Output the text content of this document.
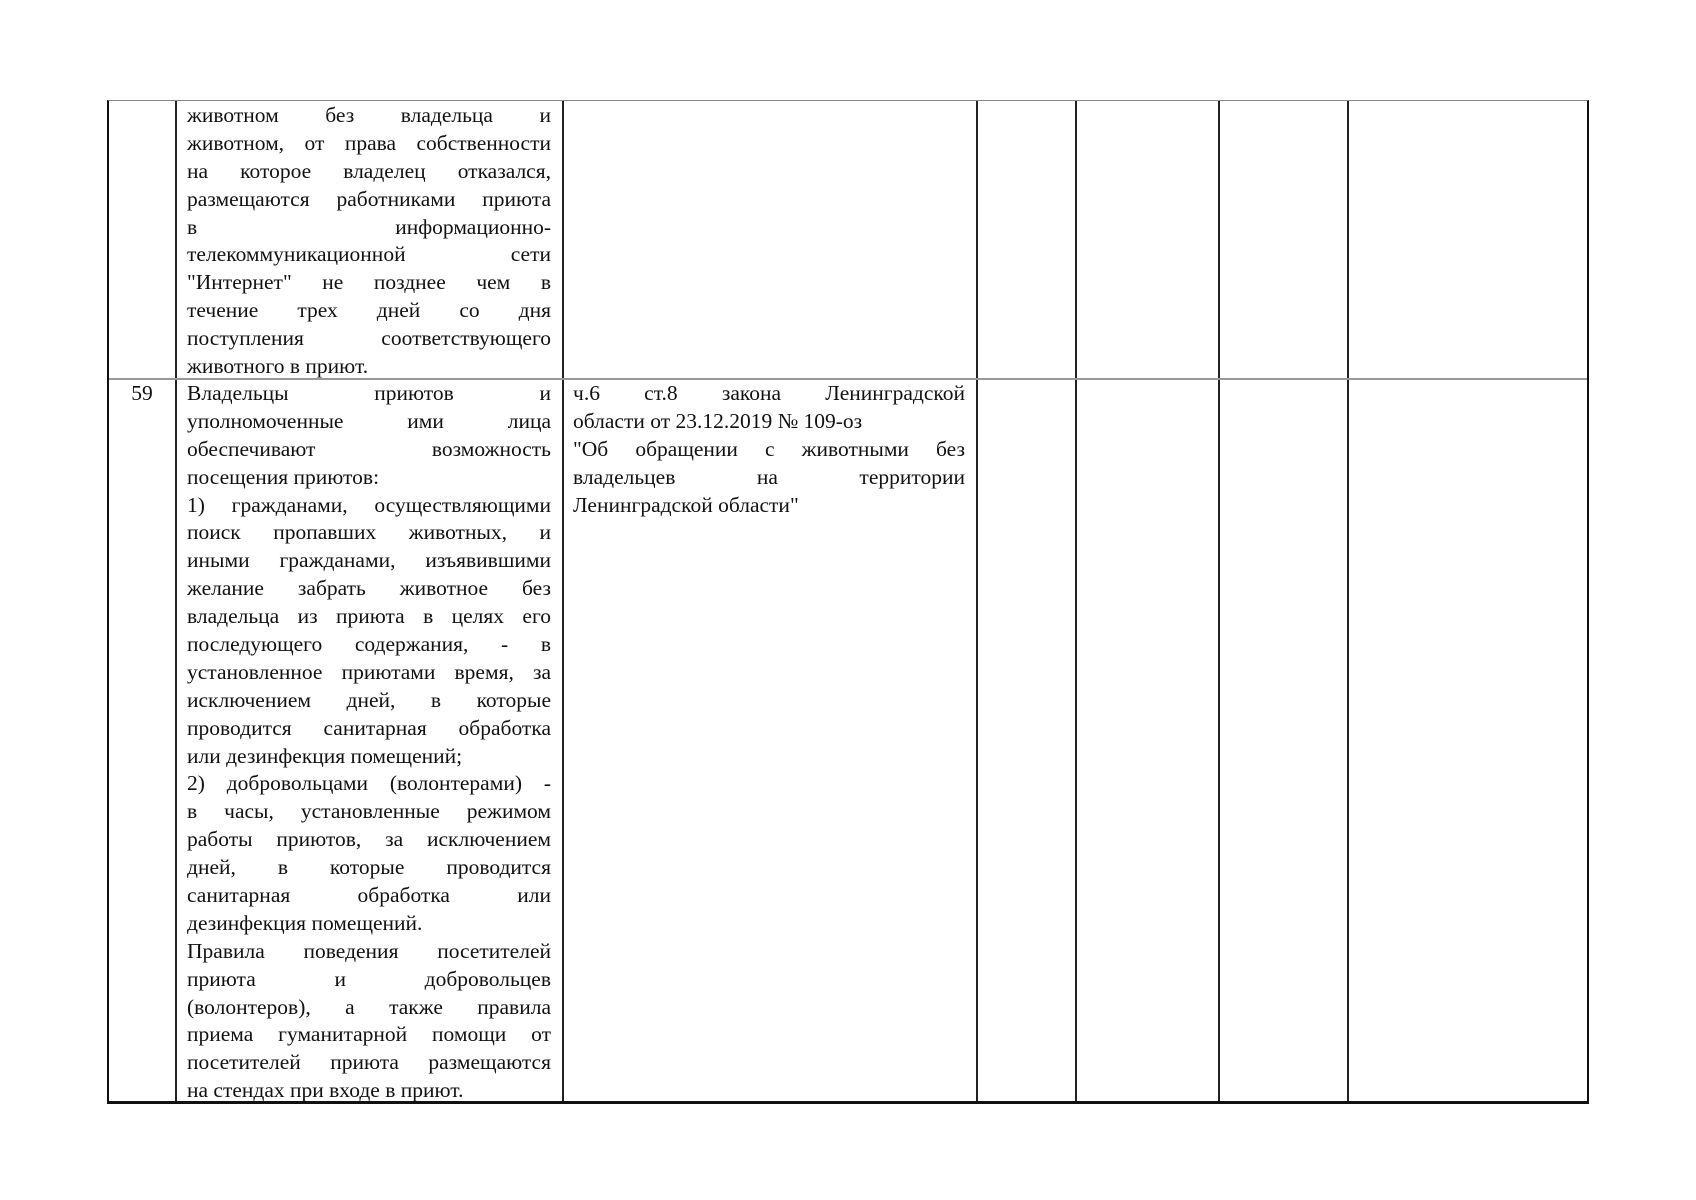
животном без владельца и
животном, от права собственности
на которое владелец отказался,
размещаются работниками приюта
в информационно-
телекоммуникационной сети
"Интернет" не позднее чем в
течение трех дней со дня
поступления соответствующего
животного в приют.
59	Владельцы приютов и
уполномоченные ими лица
обеспечивают возможность
посещения приютов:
1) гражданами, осуществляющими
поиск пропавших животных, и
иными гражданами, изъявившими
желание забрать животное без
владельца из приюта в целях его
последующего содержания, - в
установленное приютами время, за
исключением дней, в которые
проводится санитарная обработка
или дезинфекция помещений;
2) добровольцами (волонтерами) -
в часы, установленные режимом
работы приютов, за исключением
дней, в которые проводится
санитарная обработка или
дезинфекция помещений.
Правила поведения посетителей
приюта и добровольцев
(волонтеров), а также правила
приема гуманитарной помощи от
посетителей приюта размещаются
на стендах при входе в приют.
ч.6 ст.8 закона Ленинградской
области от 23.12.2019 № 109-оз
"Об обращении с животными без
владельцев на территории
Ленинградской области"
